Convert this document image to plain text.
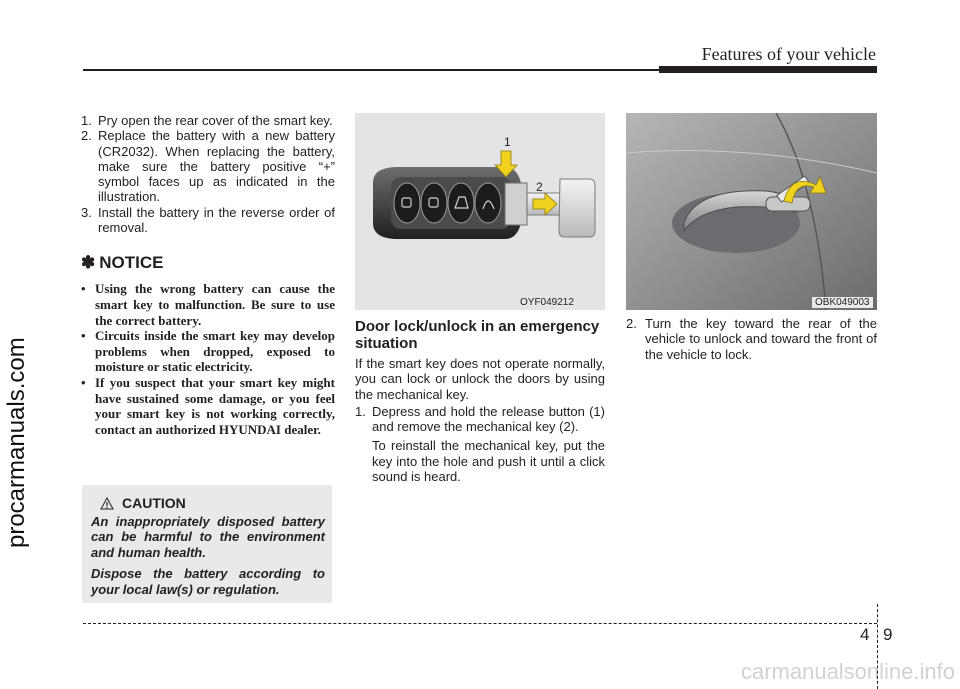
Features of your vehicle
procarmanuals.com
carmanualsonline.info
1. Pry open the rear cover of the smart key.
2. Replace the battery with a new battery (CR2032). When replacing the battery, make sure the battery positive “+” symbol faces up as indicated in the illustration.
3. Install the battery in the reverse order of removal.
✽ NOTICE
• Using the wrong battery can cause the smart key to malfunction. Be sure to use the correct battery.
• Circuits inside the smart key may develop problems when dropped, exposed to moisture or static electricity.
• If you suspect that your smart key might have sustained some damage, or you feel your smart key is not working correctly, contact an authorized HYUNDAI dealer.
CAUTION

An inappropriately disposed battery can be harmful to the environment and human health.

Dispose the battery according to your local law(s) or regulation.

1
2
OYF049212	OBK049003
Door lock/unlock in an emergency situation

If the smart key does not operate normally, you can lock or unlock the doors by using the mechanical key.

1. Depress and hold the release button (1) and remove the mechanical key (2).

To reinstall the mechanical key, put the key into the hole and push it until a click sound is heard.

2. Turn the key toward the rear of the vehicle to unlock and toward the front of the vehicle to lock.
4 9
